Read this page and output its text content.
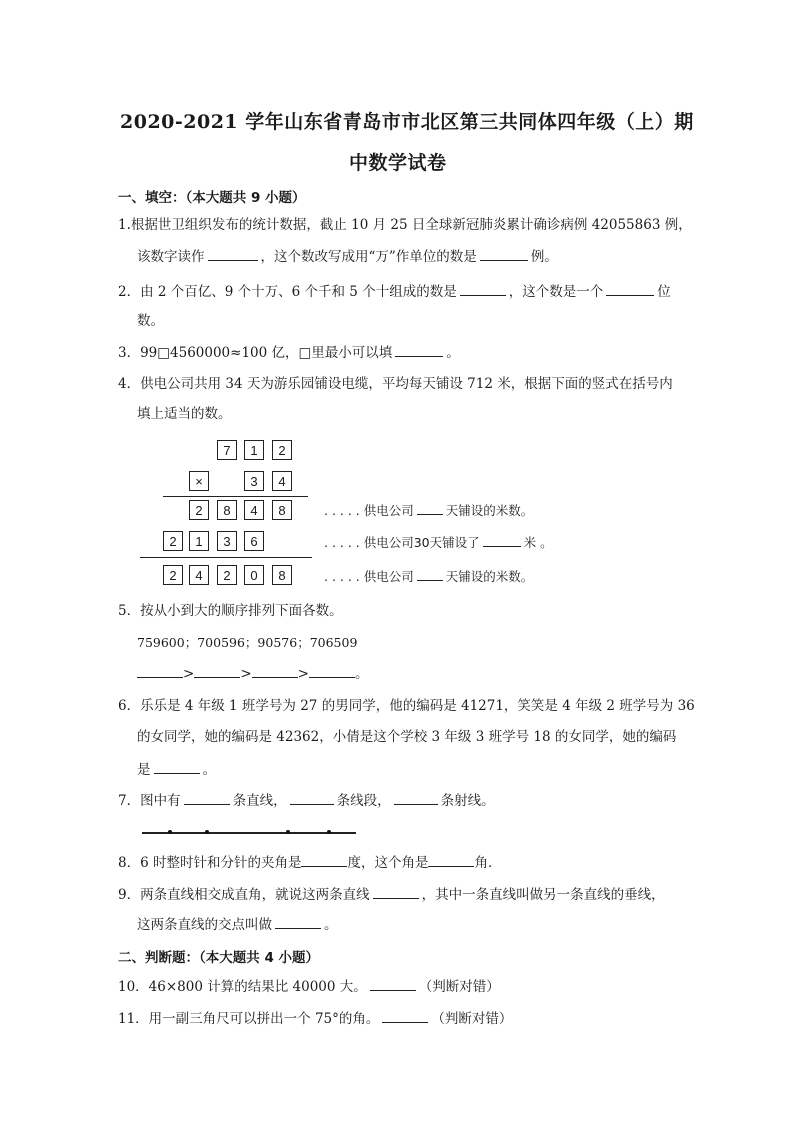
2020-2021 学年山东省青岛市市北区第三共同体四年级（上）期
中数学试卷
一、填空：（本大题共 9 小题）
1.根据世卫组织发布的统计数据，截止 10 月 25 日全球新冠肺炎累计确诊病例 42055863 例，
该数字读作	，这个数改写成用“万”作单位的数是	例。
2．由 2 个百亿、9 个十万、6 个千和 5 个十组成的数是	，这个数是一个	位
数。
3．99□4560000≈100 亿，□里最小可以填	。
4．供电公司共用 34 天为游乐园铺设电缆，平均每天铺设 712 米，根据下面的竖式在括号内
填上适当的数。
7	1	2
×	3	4
2	8	4	8
2	1	3	6
2	4	2	0	8
. . . . . 供电公司	天铺设的米数。
. . . . . 供电公司30天铺设了	米 。
. . . . . 供电公司	天铺设的米数。
5．按从小到大的顺序排列下面各数。
759600；700596；90576；706509
>	>	>	。
6．乐乐是 4 年级 1 班学号为 27 的男同学，他的编码是 41271，笑笑是 4 年级 2 班学号为 36
的女同学，她的编码是 42362，小倩是这个学校 3 年级 3 班学号 18 的女同学，她的编码
是	。
7．图中有	条直线，	条线段，	条射线。
8．6 时整时针和分针的夹角是	度，这个角是	角．
9．两条直线相交成直角，就说这两条直线	，其中一条直线叫做另一条直线的垂线，
这两条直线的交点叫做	。
二、判断题：（本大题共 4 小题）
10．46×800 计算的结果比 40000 大。	（判断对错）
11．用一副三角尺可以拼出一个 75°的角。	（判断对错）
